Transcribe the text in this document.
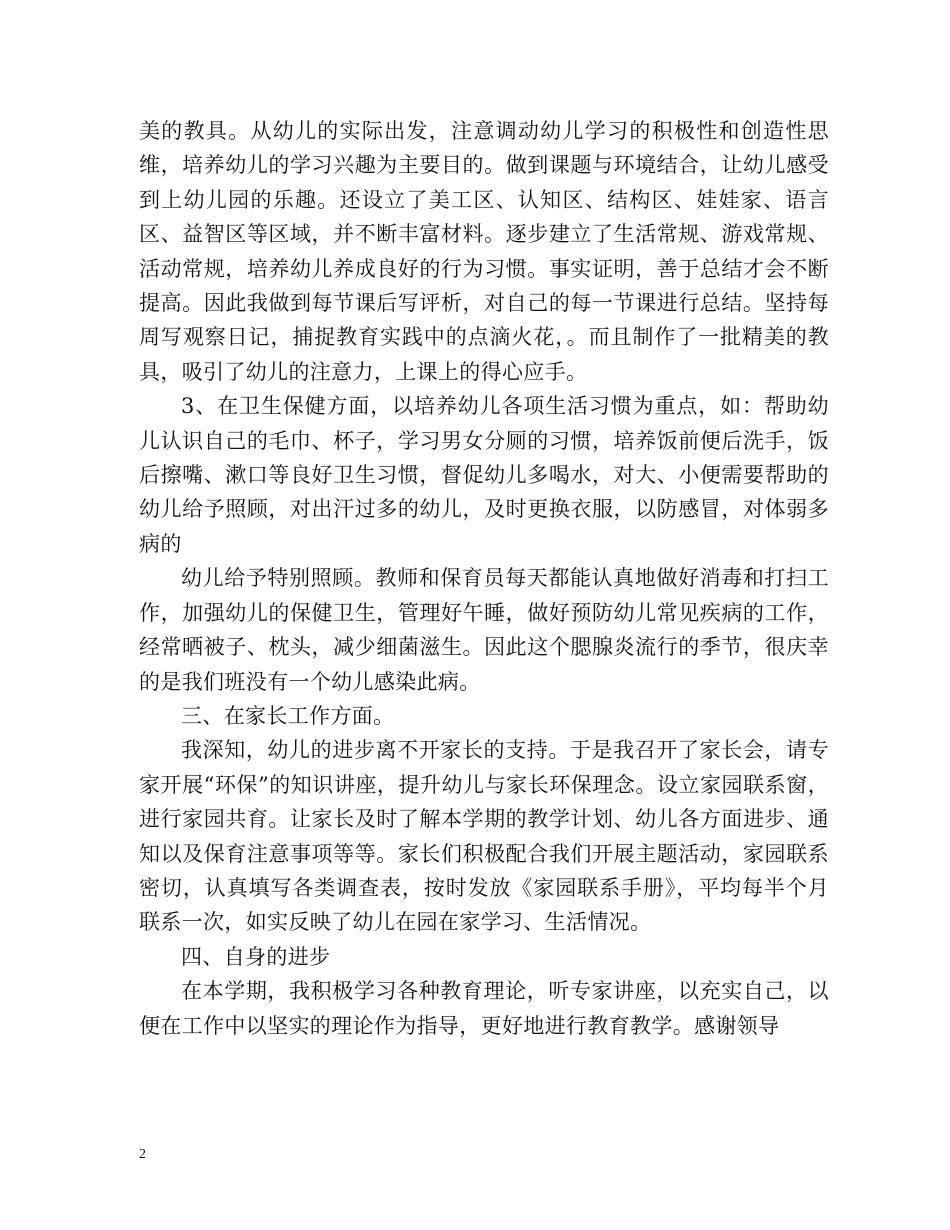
美的教具。从幼儿的实际出发，注意调动幼儿学习的积极性和创造性思维，培养幼儿的学习兴趣为主要目的。做到课题与环境结合，让幼儿感受到上幼儿园的乐趣。还设立了美工区、认知区、结构区、娃娃家、语言区、益智区等区域，并不断丰富材料。逐步建立了生活常规、游戏常规、活动常规，培养幼儿养成良好的行为习惯。事实证明，善于总结才会不断提高。因此我做到每节课后写评析，对自己的每一节课进行总结。坚持每周写观察日记，捕捉教育实践中的点滴火花，。而且制作了一批精美的教具，吸引了幼儿的注意力，上课上的得心应手。

3、在卫生保健方面，以培养幼儿各项生活习惯为重点，如：帮助幼儿认识自己的毛巾、杯子，学习男女分厕的习惯，培养饭前便后洗手，饭后擦嘴、漱口等良好卫生习惯，督促幼儿多喝水，对大、小便需要帮助的幼儿给予照顾，对出汗过多的幼儿，及时更换衣服，以防感冒，对体弱多病的

幼儿给予特别照顾。教师和保育员每天都能认真地做好消毒和打扫工作，加强幼儿的保健卫生，管理好午睡，做好预防幼儿常见疾病的工作，经常晒被子、枕头，减少细菌滋生。因此这个腮腺炎流行的季节，很庆幸的是我们班没有一个幼儿感染此病。

三、在家长工作方面。

我深知，幼儿的进步离不开家长的支持。于是我召开了家长会，请专家开展“环保”的知识讲座，提升幼儿与家长环保理念。设立家园联系窗，进行家园共育。让家长及时了解本学期的教学计划、幼儿各方面进步、通知以及保育注意事项等等。家长们积极配合我们开展主题活动，家园联系密切，认真填写各类调查表，按时发放《家园联系手册》，平均每半个月联系一次，如实反映了幼儿在园在家学习、生活情况。

四、自身的进步

在本学期，我积极学习各种教育理论，听专家讲座，以充实自己，以便在工作中以坚实的理论作为指导，更好地进行教育教学。感谢领导

2
